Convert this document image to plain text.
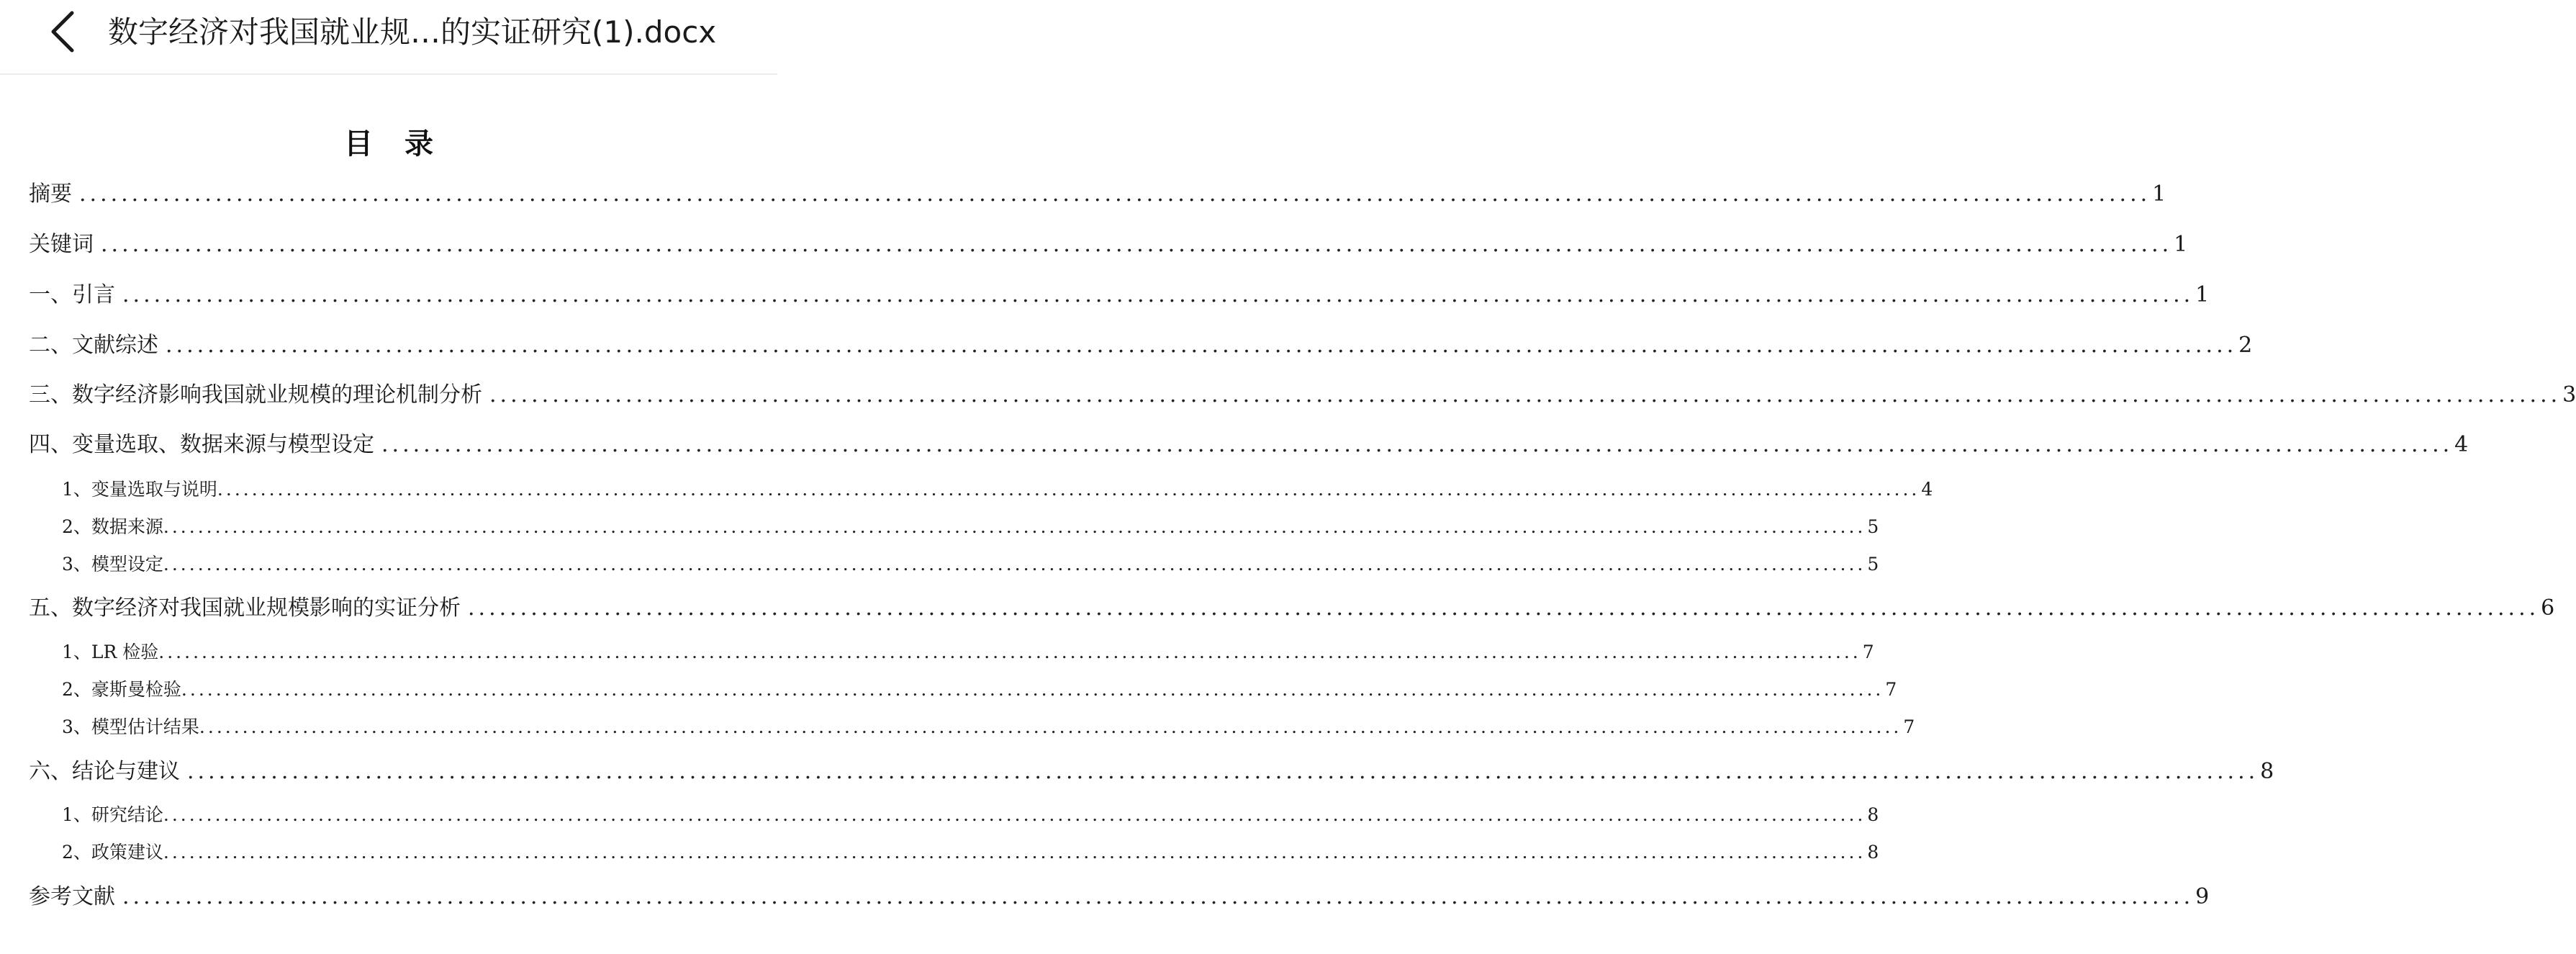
数字经济对我国就业规…的实证研究(1).docx
目录
摘要 ...................................................................................................................................................................................................... 1
关键词 ...................................................................................................................................................................................................... 1
一、引言 ...................................................................................................................................................................................................... 1
二、文献综述 ...................................................................................................................................................................................................... 2
三、数字经济影响我国就业规模的理论机制分析 ...................................................................................................................................................................................................... 3
四、变量选取、数据来源与模型设定 ...................................................................................................................................................................................................... 4
1、变量选取与说明 ...................................................................................................................................................................................................... 4
2、数据来源 ...................................................................................................................................................................................................... 5
3、模型设定 ...................................................................................................................................................................................................... 5
五、数字经济对我国就业规模影响的实证分析 ...................................................................................................................................................................................................... 6
1、LR 检验 ...................................................................................................................................................................................................... 7
2、豪斯曼检验 ...................................................................................................................................................................................................... 7
3、模型估计结果 ...................................................................................................................................................................................................... 7
六、结论与建议 ...................................................................................................................................................................................................... 8
1、研究结论 ...................................................................................................................................................................................................... 8
2、政策建议 ...................................................................................................................................................................................................... 8
参考文献 ...................................................................................................................................................................................................... 9
